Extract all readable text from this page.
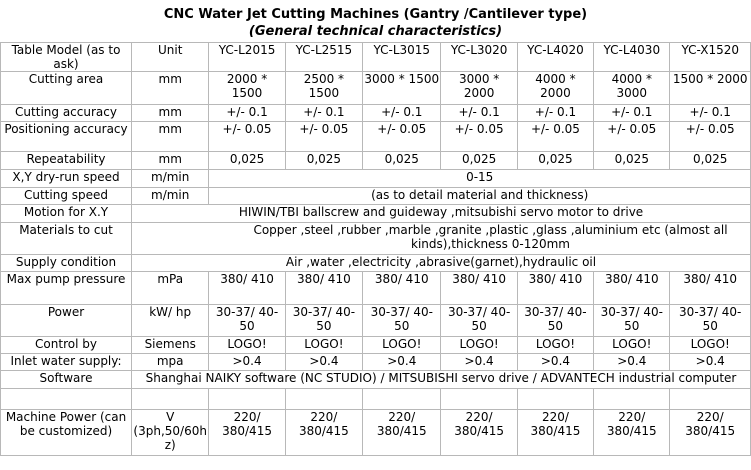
CNC Water Jet Cutting Machines (Gantry /Cantilever type)
(General technical characteristics)
Table Model (as to ask)	Unit	YC-L2015	YC-L2515	YC-L3015	YC-L3020	YC-L4020	YC-L4030	YC-X1520
Cutting area	mm	2000 * 1500	2500 * 1500	3000 * 1500	3000 * 2000	4000 * 2000	4000 * 3000	1500 * 2000
Cutting accuracy	mm	+/- 0.1	+/- 0.1	+/- 0.1	+/- 0.1	+/- 0.1	+/- 0.1	+/- 0.1
Positioning accuracy	mm	+/- 0.05	+/- 0.05	+/- 0.05	+/- 0.05	+/- 0.05	+/- 0.05	+/- 0.05
Repeatability	mm	0,025	0,025	0,025	0,025	0,025	0,025	0,025
X,Y dry-run speed	m/min	0-15						
Cutting speed	m/min	(as to detail material and thickness)						
Motion for X.Y	HIWIN/TBI ballscrew and guideway ,mitsubishi servo motor to drive							
Materials to cut	Copper ,steel ,rubber ,marble ,granite ,plastic ,glass ,aluminium etc (almost all kinds),thickness 0-120mm							
Supply condition	Air ,water ,electricity ,abrasive(garnet),hydraulic oil							
Max pump pressure	mPa	380/ 410	380/ 410	380/ 410	380/ 410	380/ 410	380/ 410	380/ 410
Power	kW/ hp	30-37/ 40- 50	30-37/ 40- 50	30-37/ 40- 50	30-37/ 40- 50	30-37/ 40- 50	30-37/ 40- 50	30-37/ 40- 50
Control by	Siemens	LOGO!	LOGO!	LOGO!	LOGO!	LOGO!	LOGO!	LOGO!
Inlet water supply:	mpa	>0.4	>0.4	>0.4	>0.4	>0.4	>0.4	>0.4
Software	Shanghai NAIKY software (NC STUDIO) / MITSUBISHI servo drive / ADVANTECH industrial computer							

Machine Power (can be customized)	V (3ph,50/60hz)	220/ 380/415	220/ 380/415	220/ 380/415	220/ 380/415	220/ 380/415	220/ 380/415	220/ 380/415
